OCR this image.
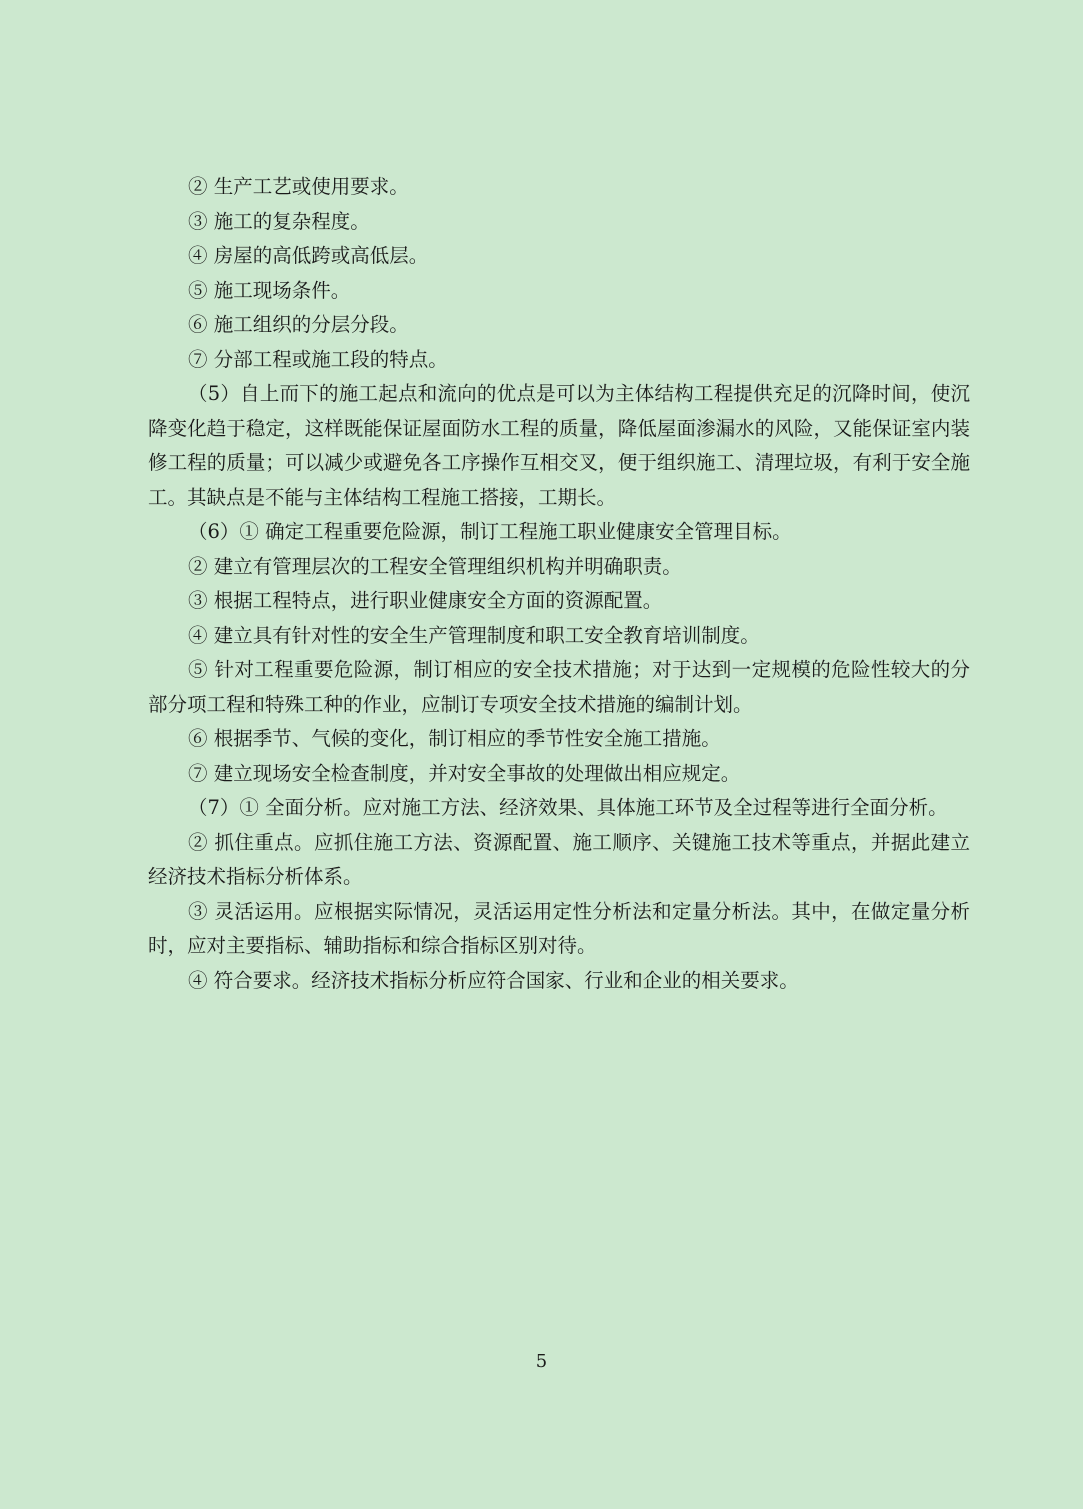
② 生产工艺或使用要求。

③ 施工的复杂程度。

④ 房屋的高低跨或高低层。

⑤ 施工现场条件。

⑥ 施工组织的分层分段。

⑦ 分部工程或施工段的特点。

（5）自上而下的施工起点和流向的优点是可以为主体结构工程提供充足的沉降时间，使沉降变化趋于稳定，这样既能保证屋面防水工程的质量，降低屋面渗漏水的风险，又能保证室内装修工程的质量；可以减少或避免各工序操作互相交叉，便于组织施工、清理垃圾，有利于安全施工。其缺点是不能与主体结构工程施工搭接，工期长。

（6）① 确定工程重要危险源，制订工程施工职业健康安全管理目标。

② 建立有管理层次的工程安全管理组织机构并明确职责。

③ 根据工程特点，进行职业健康安全方面的资源配置。

④ 建立具有针对性的安全生产管理制度和职工安全教育培训制度。

⑤ 针对工程重要危险源，制订相应的安全技术措施；对于达到一定规模的危险性较大的分部分项工程和特殊工种的作业，应制订专项安全技术措施的编制计划。

⑥ 根据季节、气候的变化，制订相应的季节性安全施工措施。

⑦ 建立现场安全检查制度，并对安全事故的处理做出相应规定。

（7）① 全面分析。应对施工方法、经济效果、具体施工环节及全过程等进行全面分析。

② 抓住重点。应抓住施工方法、资源配置、施工顺序、关键施工技术等重点，并据此建立经济技术指标分析体系。

③ 灵活运用。应根据实际情况，灵活运用定性分析法和定量分析法。其中，在做定量分析时，应对主要指标、辅助指标和综合指标区别对待。

④ 符合要求。经济技术指标分析应符合国家、行业和企业的相关要求。

5
